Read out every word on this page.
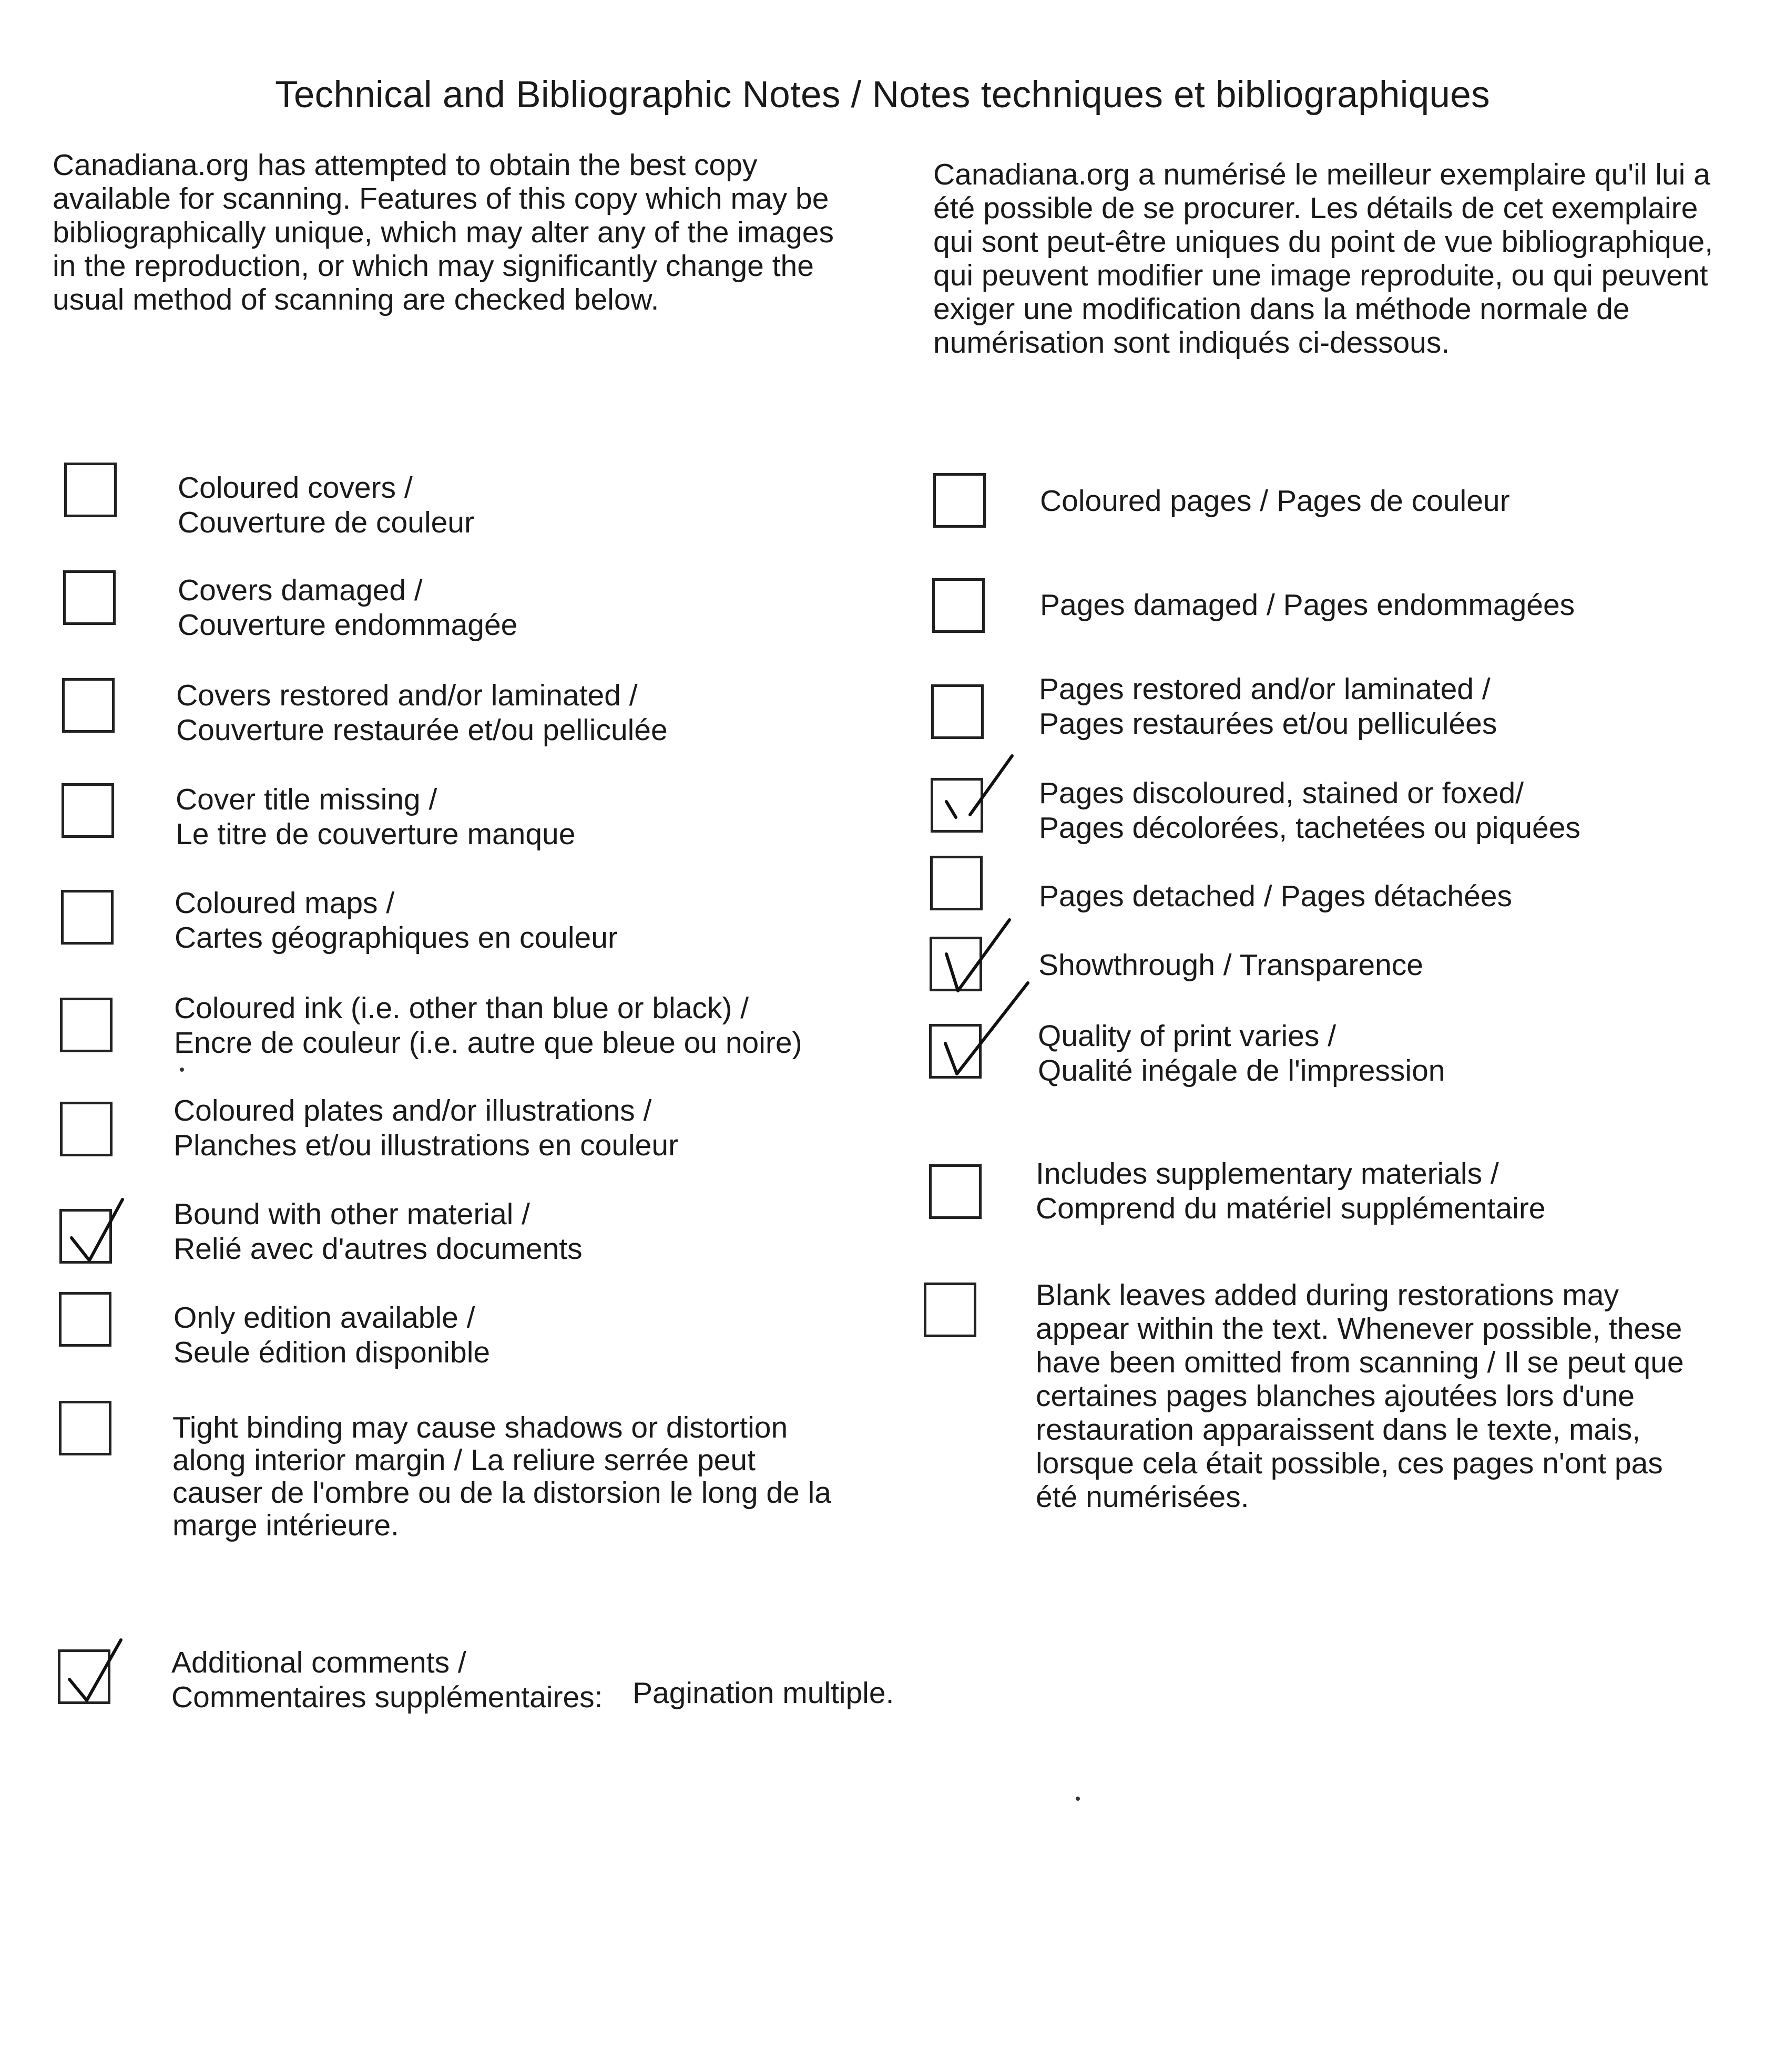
Technical and Bibliographic Notes / Notes techniques et bibliographiques
Canadiana.org has attempted to obtain the best copy
available for scanning. Features of this copy which may be
bibliographically unique, which may alter any of the images
in the reproduction, or which may significantly change the
usual method of scanning are checked below.
Canadiana.org a numérisé le meilleur exemplaire qu'il lui a
été possible de se procurer. Les détails de cet exemplaire
qui sont peut-être uniques du point de vue bibliographique,
qui peuvent modifier une image reproduite, ou qui peuvent
exiger une modification dans la méthode normale de
numérisation sont indiqués ci-dessous.
Coloured covers /
Couverture de couleur
Covers damaged /
Couverture endommagée
Covers restored and/or laminated /
Couverture restaurée et/ou pelliculée
Cover title missing /
Le titre de couverture manque
Coloured maps /
Cartes géographiques en couleur
Coloured ink (i.e. other than blue or black) /
Encre de couleur (i.e. autre que bleue ou noire)
Coloured plates and/or illustrations /
Planches et/ou illustrations en couleur
Bound with other material /
Relié avec d'autres documents
Only edition available /
Seule édition disponible
Tight binding may cause shadows or distortion
along interior margin / La reliure serrée peut
causer de l'ombre ou de la distorsion le long de la
marge intérieure.
Coloured pages / Pages de couleur
Pages damaged / Pages endommagées
Pages restored and/or laminated /
Pages restaurées et/ou pelliculées
Pages discoloured, stained or foxed/
Pages décolorées, tachetées ou piquées
Pages detached / Pages détachées
Showthrough / Transparence
Quality of print varies /
Qualité inégale de l'impression
Includes supplementary materials /
Comprend du matériel supplémentaire
Blank leaves added during restorations may
appear within the text. Whenever possible, these
have been omitted from scanning / Il se peut que
certaines pages blanches ajoutées lors d'une
restauration apparaissent dans le texte, mais,
lorsque cela était possible, ces pages n'ont pas
été numérisées.
Additional comments /
Commentaires supplémentaires: Pagination multiple.
